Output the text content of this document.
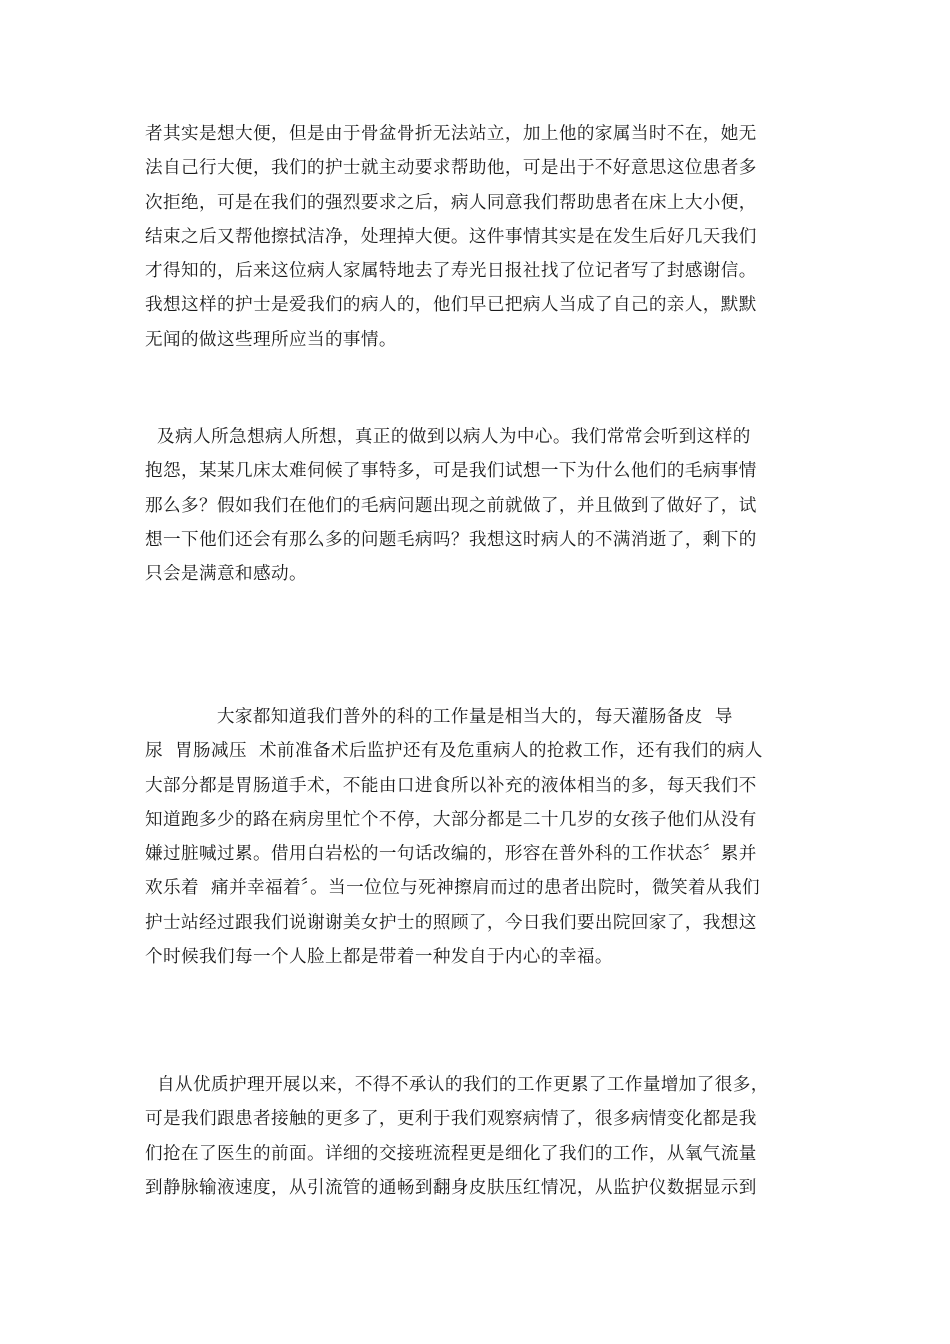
者其实是想大便，但是由于骨盆骨折无法站立，加上他的家属当时不在，她无
法自己行大便，我们的护士就主动要求帮助他，可是出于不好意思这位患者多
次拒绝，可是在我们的强烈要求之后，病人同意我们帮助患者在床上大小便，
结束之后又帮他擦拭洁净，处理掉大便。这件事情其实是在发生后好几天我们
才得知的，后来这位病人家属特地去了寿光日报社找了位记者写了封感谢信。
我想这样的护士是爱我们的病人的，他们早已把病人当成了自己的亲人，默默
无闻的做这些理所应当的事情。
及病人所急想病人所想，真正的做到以病人为中心。我们常常会听到这样的
抱怨，某某几床太难伺候了事特多，可是我们试想一下为什么他们的毛病事情
那么多？假如我们在他们的毛病问题出现之前就做了，并且做到了做好了，试
想一下他们还会有那么多的问题毛病吗？我想这时病人的不满消逝了，剩下的
只会是满意和感动。
大家都知道我们普外的科的工作量是相当大的，每天灌肠备皮  导
尿  胃肠减压  术前准备术后监护还有及危重病人的抢救工作，还有我们的病人
大部分都是胃肠道手术，不能由口进食所以补充的液体相当的多，每天我们不
知道跑多少的路在病房里忙个不停，大部分都是二十几岁的女孩子他们从没有
嫌过脏喊过累。借用白岩松的一句话改编的，形容在普外科的工作状态〞累并
欢乐着  痛并幸福着〞。当一位位与死神擦肩而过的患者出院时，微笑着从我们
护士站经过跟我们说谢谢美女护士的照顾了，今日我们要出院回家了，我想这
个时候我们每一个人脸上都是带着一种发自于内心的幸福。
自从优质护理开展以来，不得不承认的我们的工作更累了工作量增加了很多，
可是我们跟患者接触的更多了，更利于我们观察病情了，很多病情变化都是我
们抢在了医生的前面。详细的交接班流程更是细化了我们的工作，从氧气流量
到静脉输液速度，从引流管的通畅到翻身皮肤压红情况，从监护仪数据显示到
